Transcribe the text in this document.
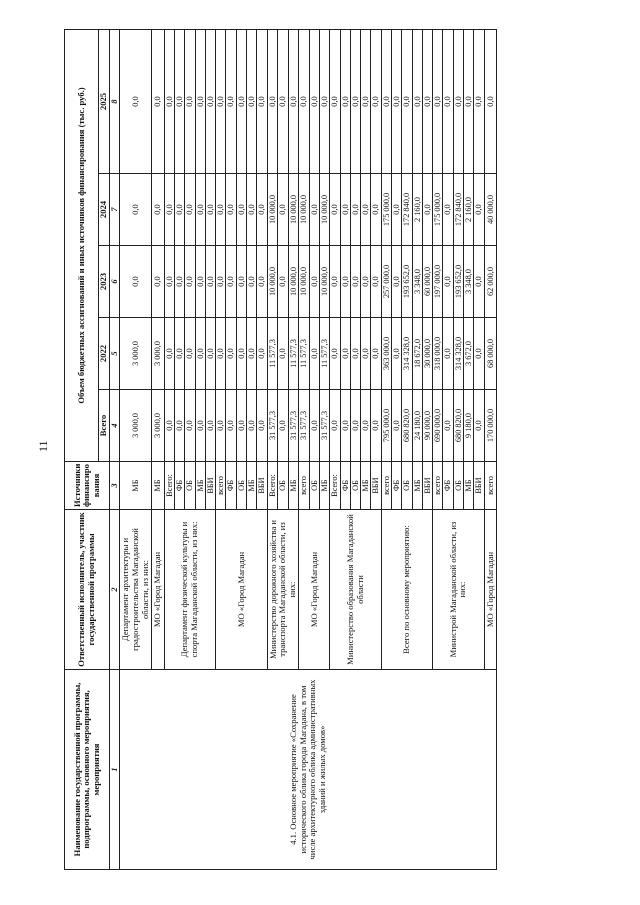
11
Наименование государственной программы, подпрограммы, основного мероприятия, мероприятия	Ответственный исполнитель, участник государственной программы	Источники финансиро вания	Объем бюджетных ассигнований и иных источников финансирования (тыс. руб.)				
			Всего	2022	2023	2024	2025
1	2	3	4	5	6	7	8
4.1. Основное мероприятие «Сохранение исторического облика города Магадана, в том числе архитектурного облика административных зданий и жилых домов»	Департамент архитектуры и градостроительства Магаданской области, из них:	МБ	3 000,0	3 000,0	0,0	0,0	0,0
	МО «Город Магадан	МБ	3 000,0	3 000,0	0,0	0,0	0,0
	Департамент физической культуры и спорта Магаданской области, из них:	Всего:	0,0	0,0	0,0	0,0	0,0
		ФБ	0,0	0,0	0,0	0,0	0,0
		ОБ	0,0	0,0	0,0	0,0	0,0
		МБ	0,0	0,0	0,0	0,0	0,0
		ВБИ	0,0	0,0	0,0	0,0	0,0
	МО «Город Магадан	всего	0,0	0,0	0,0	0,0	0,0
		ФБ	0,0	0,0	0,0	0,0	0,0
		ОБ	0,0	0,0	0,0	0,0	0,0
		МБ	0,0	0,0	0,0	0,0	0,0
		ВБИ	0,0	0,0	0,0	0,0	0,0
	Министерство дорожного хозяйства и транспорта Магаданской области, из них:	Всего:	31 577,3	11 577,3	10 000,0	10 000,0	0,0
		ОБ	0,0	0,0	0,0	0,0	0,0
		МБ	31 577,3	11 577,3	10 000,0	10 000,0	0,0
	МО «Город Магадан	всего	31 577,3	11 577,3	10 000,0	10 000,0	0,0
		ОБ	0,0	0,0	0,0	0,0	0,0
		МБ	31 577,3	11 577,3	10 000,0	10 000,0	0,0
	Министерство образования Магаданской области	Всего:	0,0	0,0	0,0	0,0	0,0
		ФБ	0,0	0,0	0,0	0,0	0,0
		ОБ	0,0	0,0	0,0	0,0	0,0
		МБ	0,0	0,0	0,0	0,0	0,0
		ВБИ	0,0	0,0	0,0	0,0	0,0
	Всего по основному мероприятию:	всего	795 000,0	363 000,0	257 000,0	175 000,0	0,0
		ФБ	0,0	0,0	0,0	0,0	0,0
		ОБ	680 820,0	314 328,0	193 652,0	172 840,0	0,0
		МБ	24 180,0	18 672,0	3 348,0	2 160,0	0,0
		ВБИ	90 000,0	30 000,0	60 000,0	0,0	0,0
	Министрой Магаданской области, из них:	всего	690 000,0	318 000,0	197 000,0	175 000,0	0,0
		ФБ	0,0	0,0	0,0	0,0	0,0
		ОБ	680 820,0	314 328,0	193 652,0	172 840,0	0,0
		МБ	9 180,0	3 672,0	3 348,0	2 160,0	0,0
		ВБИ	0,0	0,0	0,0	0,0	0,0
	МО «Город Магадан	всего	170 000,0	68 000,0	62 000,0	40 000,0	0,0
